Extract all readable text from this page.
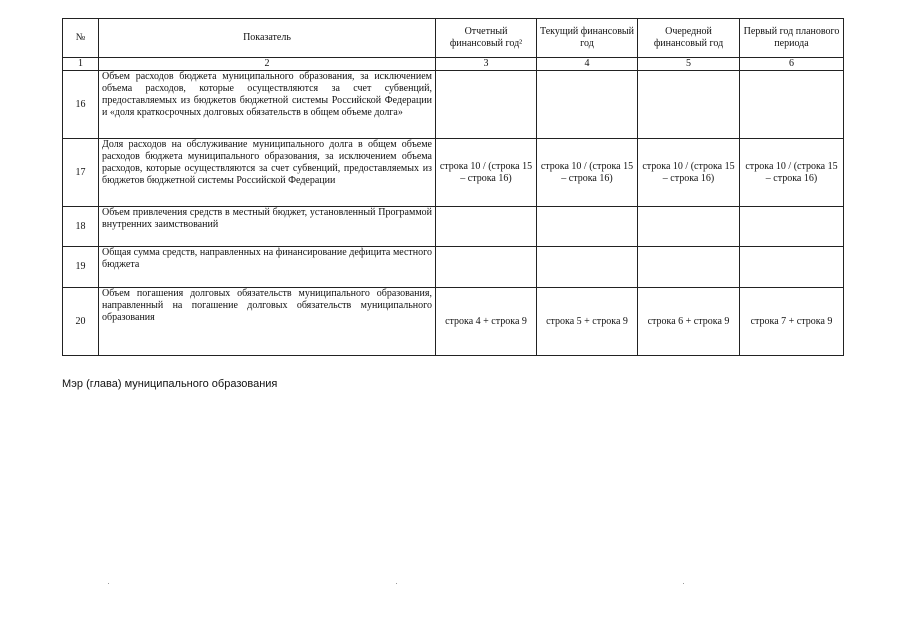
№	Показатель	Отчетный финансовый год²	Текущий финансовый год	Очередной финансовый год	Первый год планового периода
1	2	3	4	5	6
16	Объем расходов бюджета муниципального образования, за исключением объема расходов, которые осуществляются за счет субвенций, предоставляемых из бюджетов бюджетной системы Российской Федерации и «доля краткосрочных долговых обязательств в общем объеме долга»				
17	Доля расходов на обслуживание муниципального долга в общем объеме расходов бюджета муниципального образования, за исключением объема расходов, которые осуществляются за счет субвенций, предоставляемых из бюджетов бюджетной системы Российской Федерации	строка 10 / (строка 15 – строка 16)	строка 10 / (строка 15 – строка 16)	строка 10 / (строка 15 – строка 16)	строка 10 / (строка 15 – строка 16)
18	Объем привлечения средств в местный бюджет, установленный Программой внутренних заимствований				
19	Общая сумма средств, направленных на финансирование дефицита местного бюджета				
20	Объем погашения долговых обязательств муниципального образования, направленный на погашение долговых обязательств муниципального образования	строка 4 + строка 9	строка 5 + строка 9	строка 6 + строка 9	строка 7 + строка 9
Мэр (глава) муниципального образования
